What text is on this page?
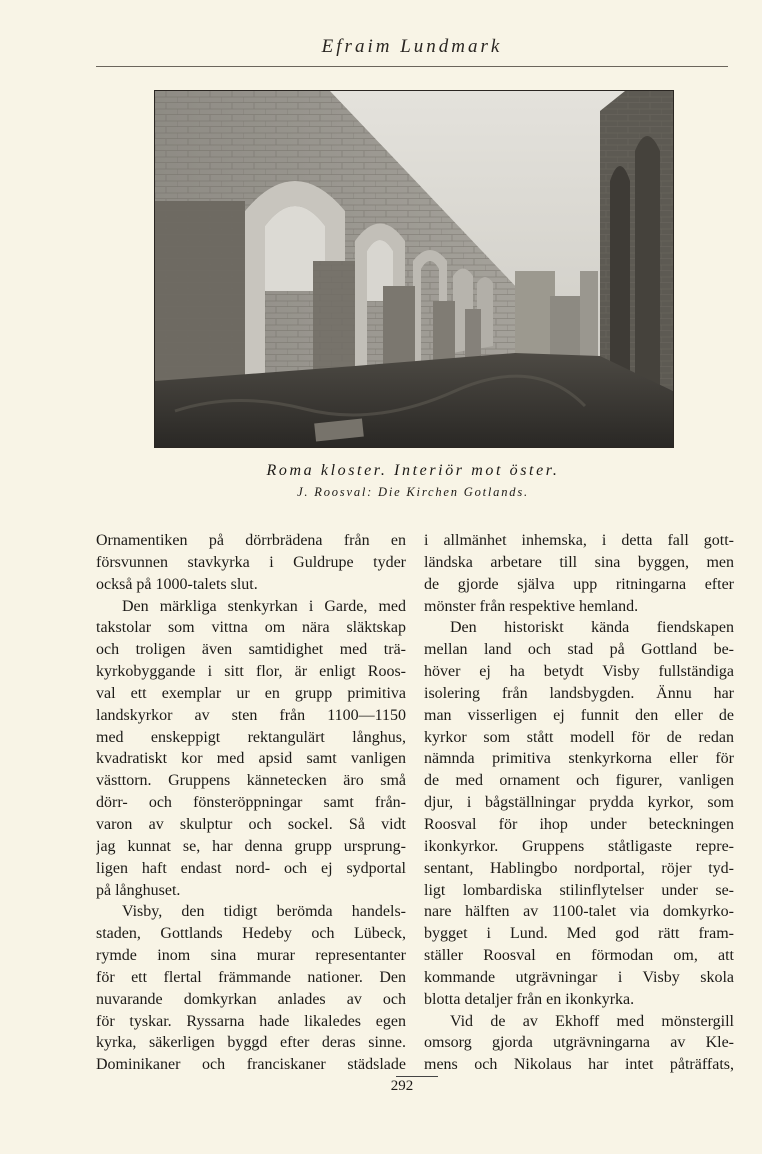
Efraim Lundmark
Roma kloster. Interiör mot öster.
J. Roosval: Die Kirchen Gotlands.
Ornamentiken på dörrbrädena från en
försvunnen stavkyrka i Guldrupe tyder
också på 1000-talets slut.
Den märkliga stenkyrkan i Garde, med
takstolar som vittna om nära släktskap
och troligen även samtidighet med trä-
kyrkobyggande i sitt flor, är enligt Roos-
val ett exemplar ur en grupp primitiva
landskyrkor av sten från 1100—1150
med enskeppigt rektangulärt långhus,
kvadratiskt kor med apsid samt vanligen
västtorn. Gruppens kännetecken äro små
dörr- och fönsteröppningar samt från-
varon av skulptur och sockel. Så vidt
jag kunnat se, har denna grupp ursprung-
ligen haft endast nord- och ej sydportal
på långhuset.
Visby, den tidigt berömda handels-
staden, Gottlands Hedeby och Lübeck,
rymde inom sina murar representanter
för ett flertal främmande nationer. Den
nuvarande domkyrkan anlades av och
för tyskar. Ryssarna hade likaledes egen
kyrka, säkerligen byggd efter deras sinne.
Dominikaner och franciskaner städslade
i allmänhet inhemska, i detta fall gott-
ländska arbetare till sina byggen, men
de gjorde själva upp ritningarna efter
mönster från respektive hemland.
Den historiskt kända fiendskapen
mellan land och stad på Gottland be-
höver ej ha betydt Visby fullständiga
isolering från landsbygden. Ännu har
man visserligen ej funnit den eller de
kyrkor som stått modell för de redan
nämnda primitiva stenkyrkorna eller för
de med ornament och figurer, vanligen
djur, i bågställningar prydda kyrkor, som
Roosval för ihop under beteckningen
ikonkyrkor. Gruppens ståtligaste repre-
sentant, Hablingbo nordportal, röjer tyd-
ligt lombardiska stilinflytelser under se-
nare hälften av 1100-talet via domkyrko-
bygget i Lund. Med god rätt fram-
ställer Roosval en förmodan om, att
kommande utgrävningar i Visby skola
blotta detaljer från en ikonkyrka.
Vid de av Ekhoff med mönstergill
omsorg gjorda utgrävningarna av Kle-
mens och Nikolaus har intet påträffats,
292
